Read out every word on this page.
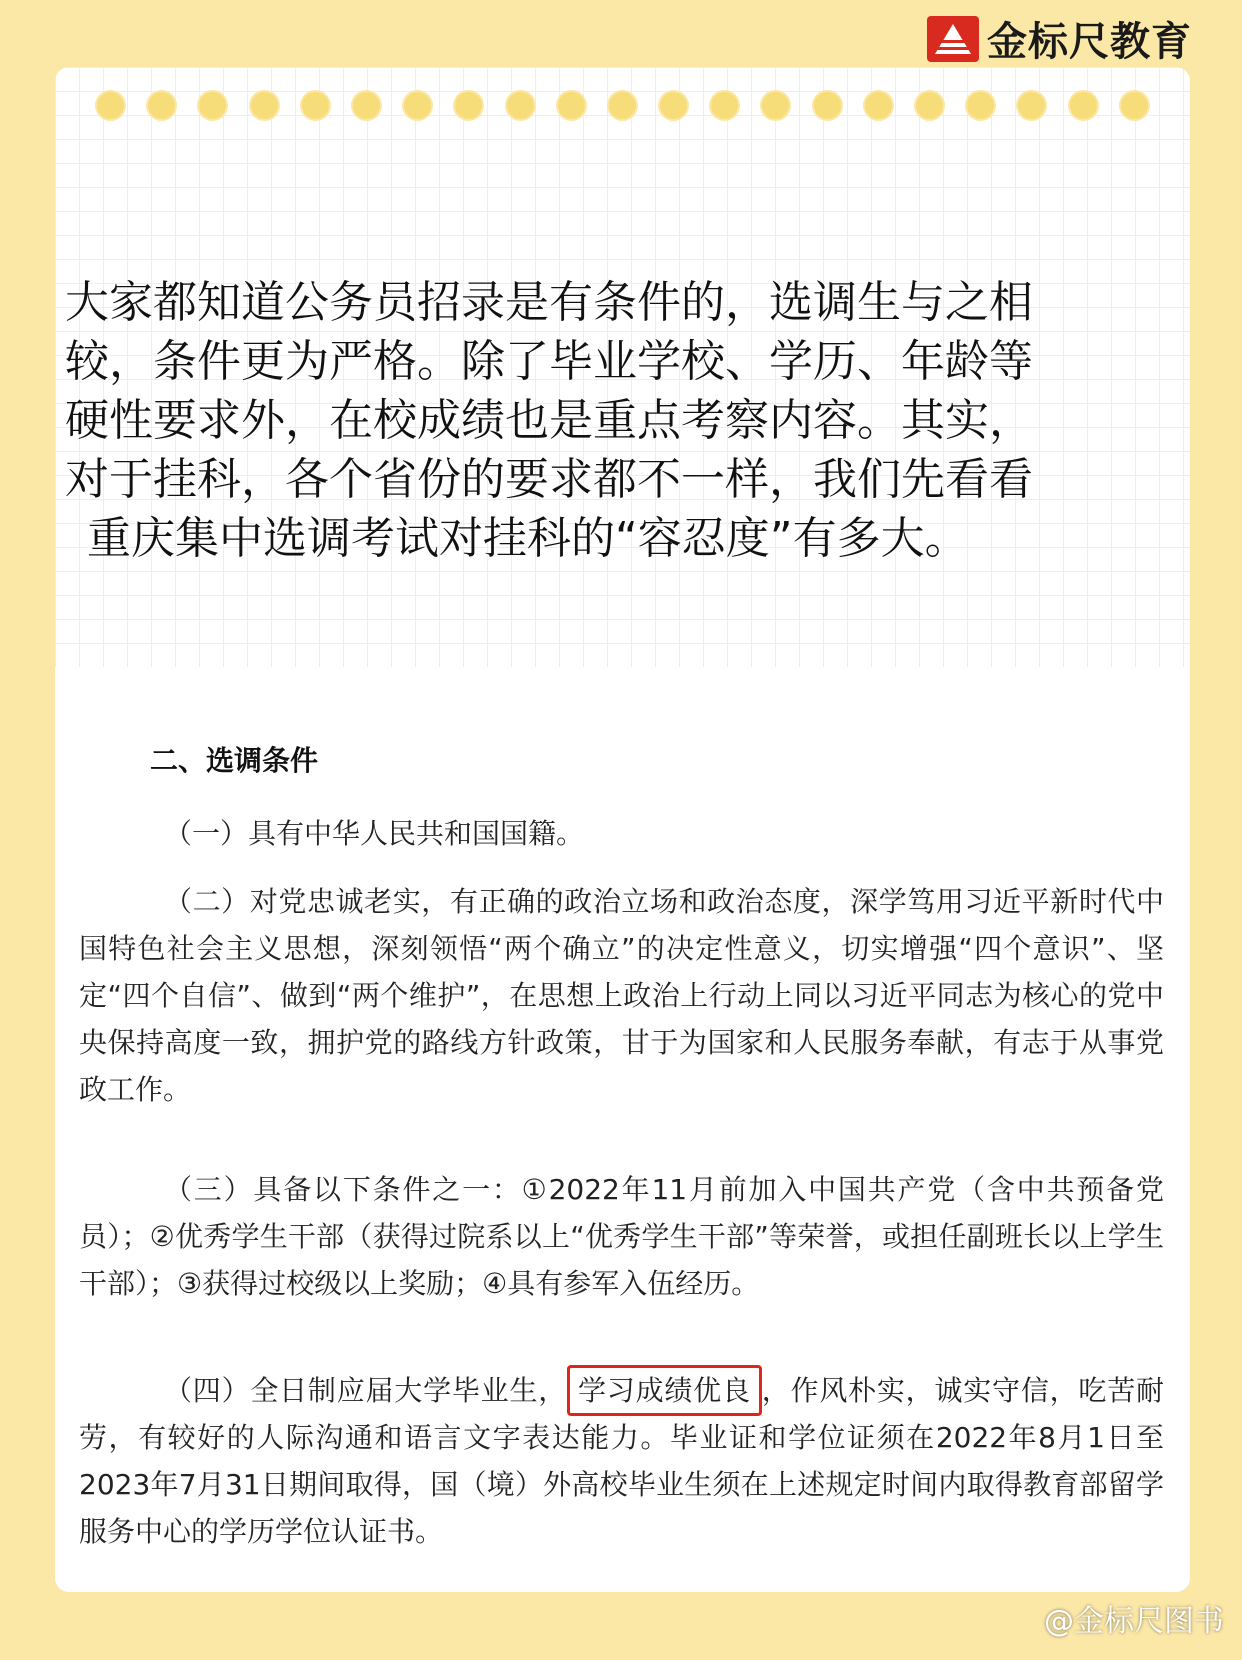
金标尺教育
大家都知道公务员招录是有条件的，选调生与之相
较，条件更为严格。除了毕业学校、学历、年龄等
硬性要求外，在校成绩也是重点考察内容。其实，
对于挂科，各个省份的要求都不一样，我们先看看
重庆集中选调考试对挂科的“容忍度”有多大。
二、选调条件

（一）具有中华人民共和国国籍。

（二）对党忠诚老实，有正确的政治立场和政治态度，深学笃用习近平新时代中国特色社会主义思想，深刻领悟“两个确立”的决定性意义，切实增强“四个意识”、坚定“四个自信”、做到“两个维护”，在思想上政治上行动上同以习近平同志为核心的党中央保持高度一致，拥护党的路线方针政策，甘于为国家和人民服务奉献，有志于从事党政工作。

（三）具备以下条件之一：①2022年11月前加入中国共产党（含中共预备党员）；②优秀学生干部（获得过院系以上“优秀学生干部”等荣誉，或担任副班长以上学生干部）；③获得过校级以上奖励；④具有参军入伍经历。

（四）全日制应届大学毕业生， 学习成绩优良 ，作风朴实，诚实守信，吃苦耐劳，有较好的人际沟通和语言文字表达能力。毕业证和学位证须在2022年8月1日至2023年7月31日期间取得，国（境）外高校毕业生须在上述规定时间内取得教育部留学服务中心的学历学位认证书。

@金标尺图书
